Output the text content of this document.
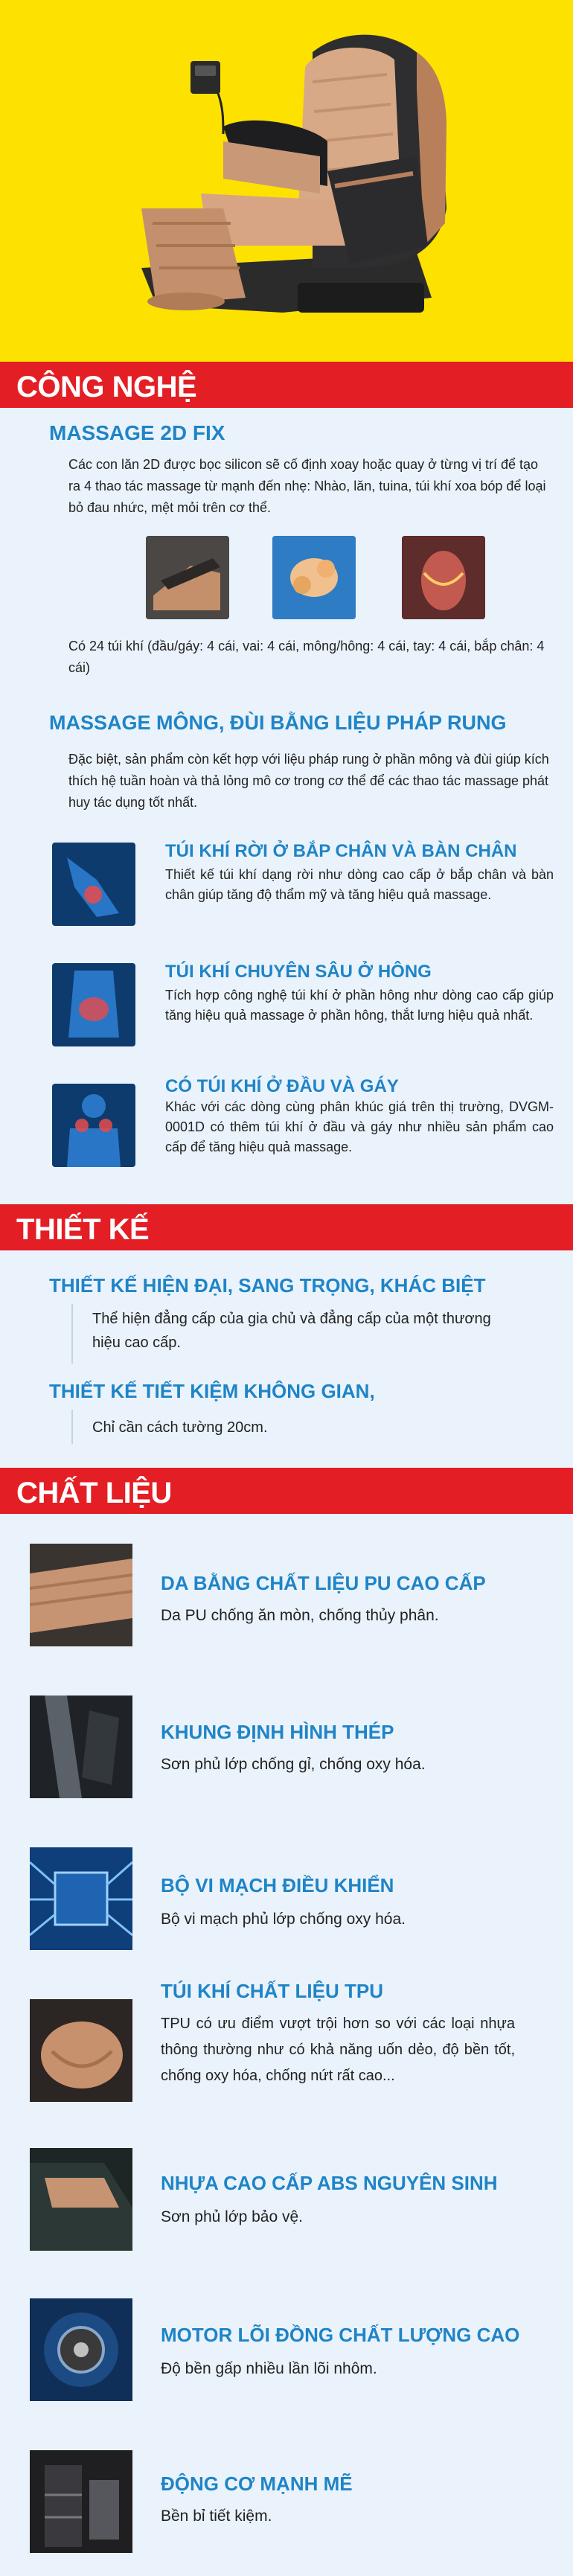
CÔNG NGHỆ
MASSAGE 2D FIX
Các con lăn 2D được bọc silicon sẽ cố định xoay hoặc quay ở từng vị trí để tạo ra 4 thao tác massage từ mạnh đến nhẹ: Nhào, lăn, tuina, túi khí xoa bóp để loại bỏ đau nhức, mệt mỏi trên cơ thể.
Có 24 túi khí (đầu/gáy: 4 cái, vai: 4 cái, mông/hông: 4 cái, tay: 4 cái, bắp chân: 4 cái)
MASSAGE MÔNG, ĐÙI BẰNG LIỆU PHÁP RUNG
Đặc biệt, sản phẩm còn kết hợp với liệu pháp rung ở phần mông và đùi giúp kích thích hệ tuần hoàn và thả lỏng mô cơ trong cơ thể để các thao tác massage phát huy tác dụng tốt nhất.
TÚI KHÍ RỜI Ở BẮP CHÂN VÀ BÀN CHÂN
Thiết kế túi khí dạng rời như dòng cao cấp ở bắp chân và bàn chân giúp tăng độ thẩm mỹ và tăng hiệu quả massage.
TÚI KHÍ CHUYÊN SÂU Ở HÔNG
Tích hợp công nghệ túi khí ở phần hông như dòng cao cấp giúp tăng hiệu quả massage ở phần hông, thắt lưng hiệu quả nhất.
CÓ TÚI KHÍ Ở ĐẦU VÀ GÁY
Khác với các dòng cùng phân khúc giá trên thị trường, DVGM-0001D có thêm túi khí ở đầu và gáy như nhiều sản phẩm cao cấp để tăng hiệu quả massage.
THIẾT KẾ
THIẾT KẾ HIỆN ĐẠI, SANG TRỌNG, KHÁC BIỆT
Thể hiện đẳng cấp của gia chủ và đẳng cấp của một thương hiệu cao cấp.
THIẾT KẾ TIẾT KIỆM KHÔNG GIAN,
Chỉ cần cách tường 20cm.
CHẤT LIỆU
DA BẰNG CHẤT LIỆU PU CAO CẤP
Da PU chống ăn mòn, chống thủy phân.
KHUNG ĐỊNH HÌNH THÉP
Sơn phủ lớp chống gỉ, chống oxy hóa.
BỘ VI MẠCH ĐIỀU KHIỂN
Bộ vi mạch phủ lớp chống oxy hóa.
TÚI KHÍ CHẤT LIỆU TPU
TPU có ưu điểm vượt trội hơn so với các loại nhựa thông thường như có khả năng uốn dẻo, độ bền tốt, chống oxy hóa, chống nứt rất cao...
NHỰA CAO CẤP ABS NGUYÊN SINH
Sơn phủ lớp bảo vệ.
MOTOR LÕI ĐỒNG CHẤT LƯỢNG CAO
Độ bền gấp nhiều lần lõi nhôm.
ĐỘNG CƠ MẠNH MẼ
Bền bỉ tiết kiệm.
